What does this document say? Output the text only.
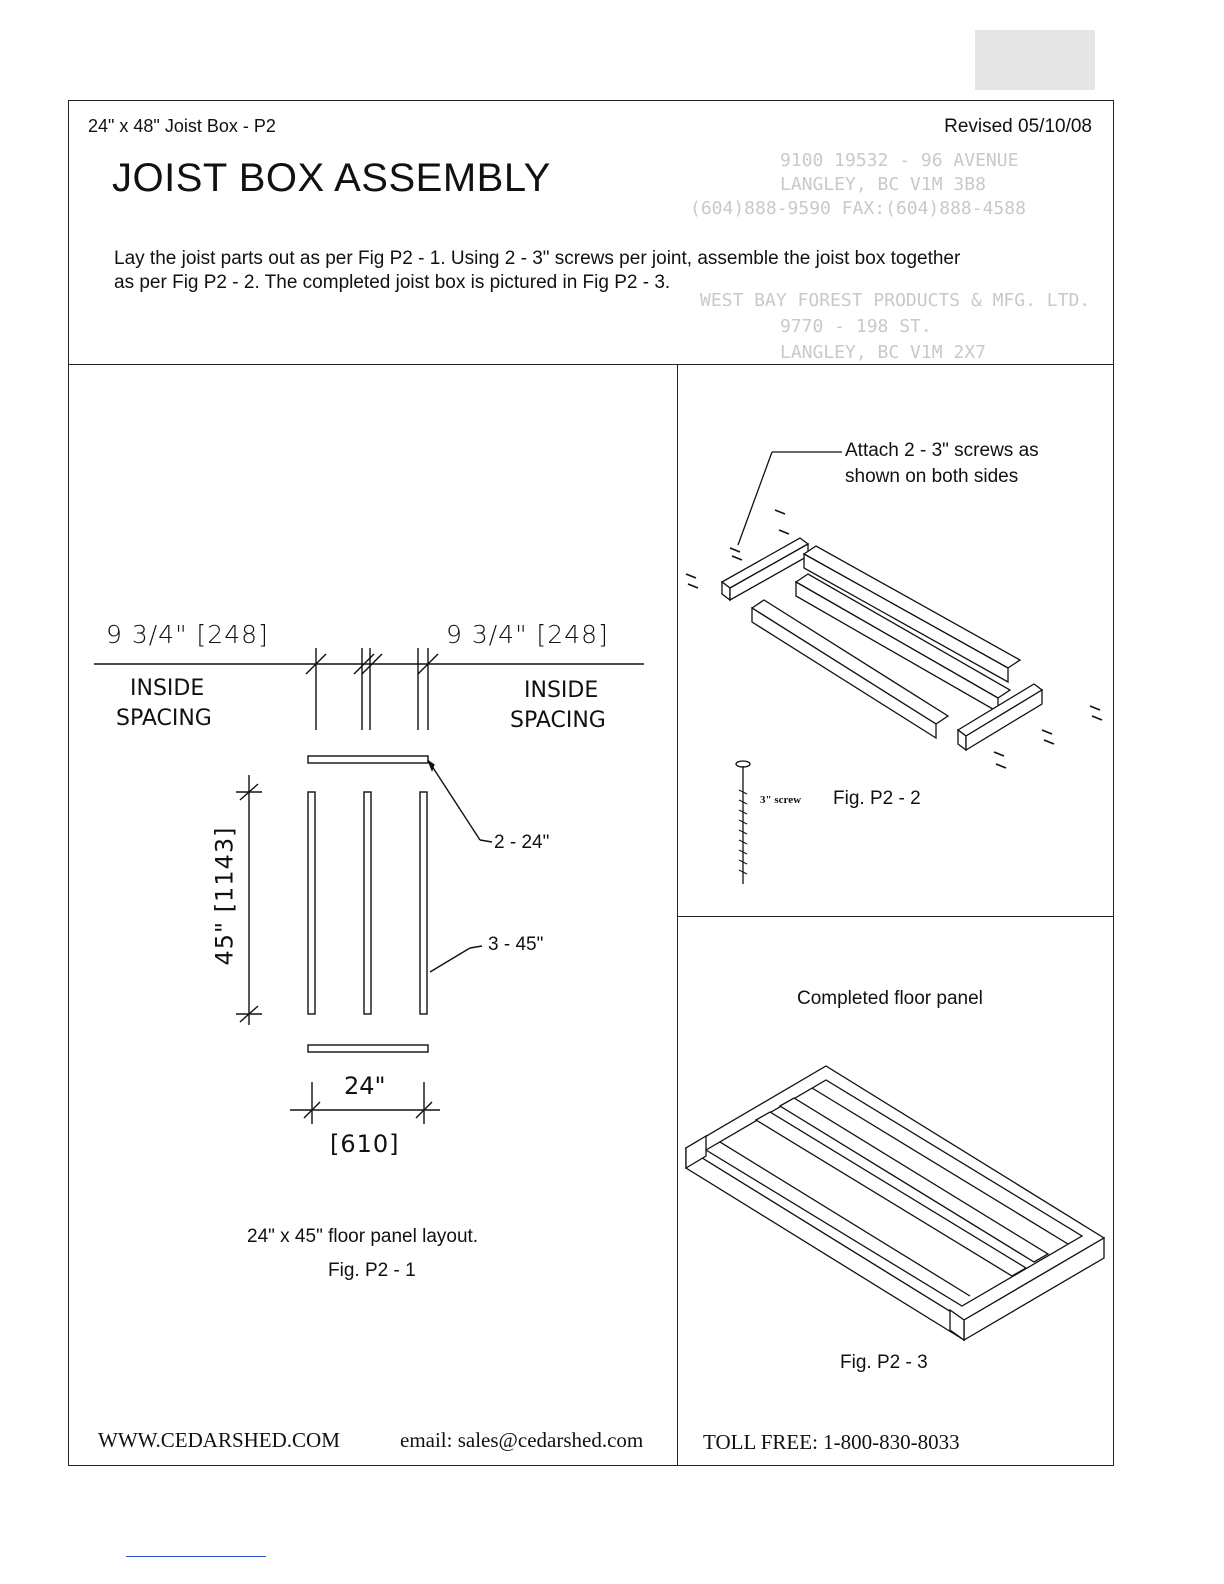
9100 19532 - 96 AVENUE
LANGLEY, BC V1M 3B8
(604)888-9590 FAX:(604)888-4588
WEST BAY FOREST PRODUCTS & MFG. LTD.
9770 - 198 ST.
LANGLEY, BC V1M 2X7
24" x 48" Joist Box - P2	Revised 05/10/08
JOIST BOX ASSEMBLY
Lay the joist parts out as per Fig P2 - 1. Using 2 - 3" screws per joint, assemble the joist box together
as per Fig P2 - 2. The completed joist box is pictured in Fig P2 - 3.
9 3/4" [248]	9 3/4" [248]
INSIDE
SPACING
INSIDE
SPACING
45" [1143]	2 - 24"
3 - 45"
24"
[610]
24" x 45" floor panel layout.
Fig. P2 - 1
Attach 2 - 3" screws as
shown on both sides
3" screw Fig. P2 - 2
Completed floor panel
Fig. P2 - 3
WWW.CEDARSHED.COM	email: sales@cedarshed.com	TOLL FREE: 1-800-830-8033
